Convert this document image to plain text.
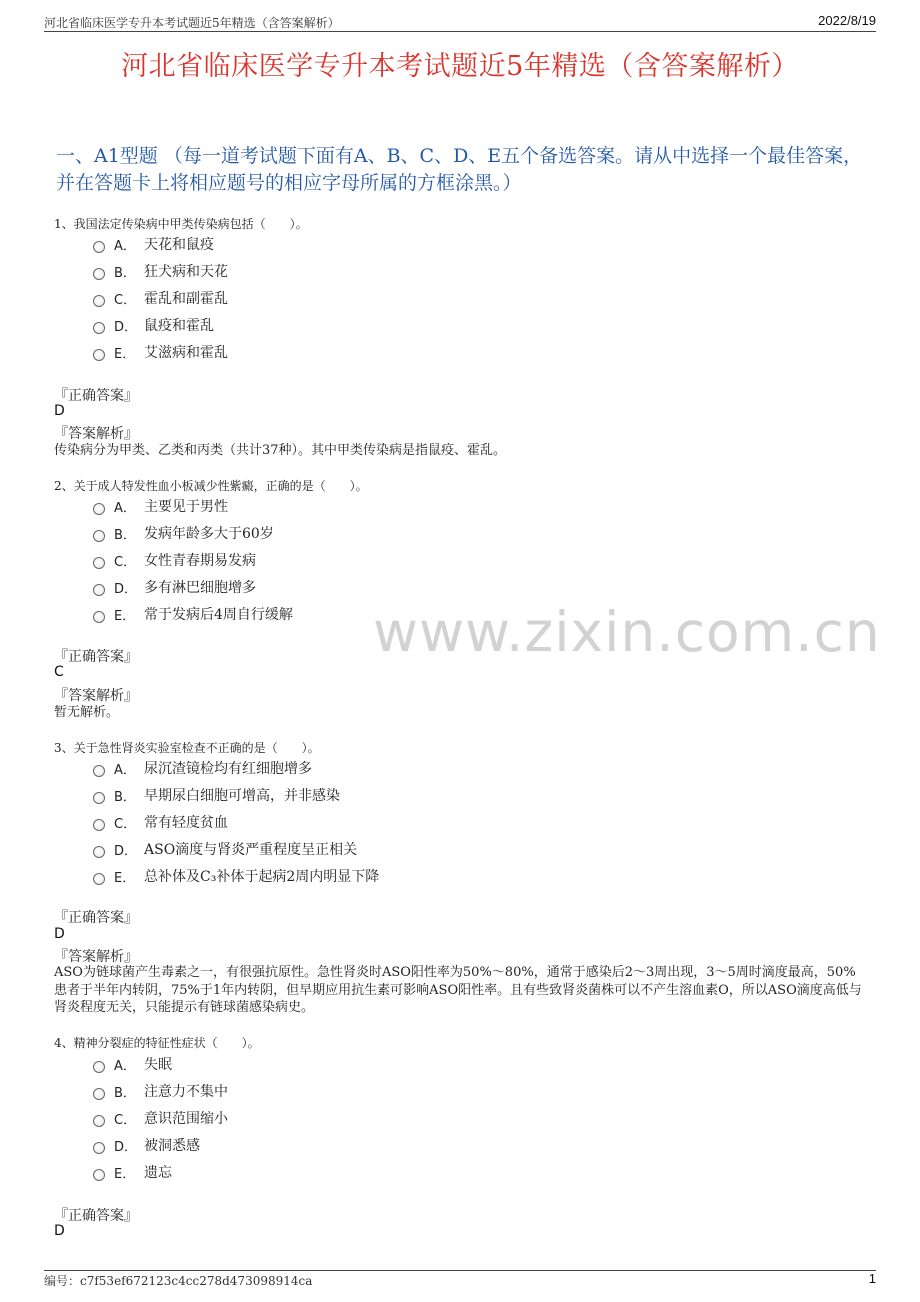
河北省临床医学专升本考试题近5年精选（含答案解析）	2022/8/19
河北省临床医学专升本考试题近5年精选（含答案解析）
一、A1型题 （每一道考试题下面有A、B、C、D、E五个备选答案。请从中选择一个最佳答案，并在答题卡上将相应题号的相应字母所属的方框涂黑。）
www.zixin.com.cn
1、我国法定传染病中甲类传染病包括（　　）。
A． 天花和鼠疫
B． 狂犬病和天花
C． 霍乱和副霍乱
D． 鼠疫和霍乱
E． 艾滋病和霍乱
『正确答案』
D
『答案解析』
传染病分为甲类、乙类和丙类（共计37种）。其中甲类传染病是指鼠疫、霍乱。
2、关于成人特发性血小板减少性紫癜，正确的是（　　）。
A． 主要见于男性
B． 发病年龄多大于60岁
C． 女性青春期易发病
D． 多有淋巴细胞增多
E． 常于发病后4周自行缓解
『正确答案』
C
『答案解析』
暂无解析。
3、关于急性肾炎实验室检查不正确的是（　　）。
A． 尿沉渣镜检均有红细胞增多
B． 早期尿白细胞可增高，并非感染
C． 常有轻度贫血
D． ASO滴度与肾炎严重程度呈正相关
E． 总补体及C₃补体于起病2周内明显下降
『正确答案』
D
『答案解析』
ASO为链球菌产生毒素之一，有很强抗原性。急性肾炎时ASO阳性率为50%～80%，通常于感染后2～3周出现，3～5周时滴度最高，50%患者于半年内转阴，75%于1年内转阴，但早期应用抗生素可影响ASO阳性率。且有些致肾炎菌株可以不产生溶血素O，所以ASO滴度高低与肾炎程度无关，只能提示有链球菌感染病史。
4、精神分裂症的特征性症状（　　）。
A． 失眠
B． 注意力不集中
C． 意识范围缩小
D． 被洞悉感
E． 遗忘
『正确答案』
D
编号：c7f53ef672123c4cc278d473098914ca	1
